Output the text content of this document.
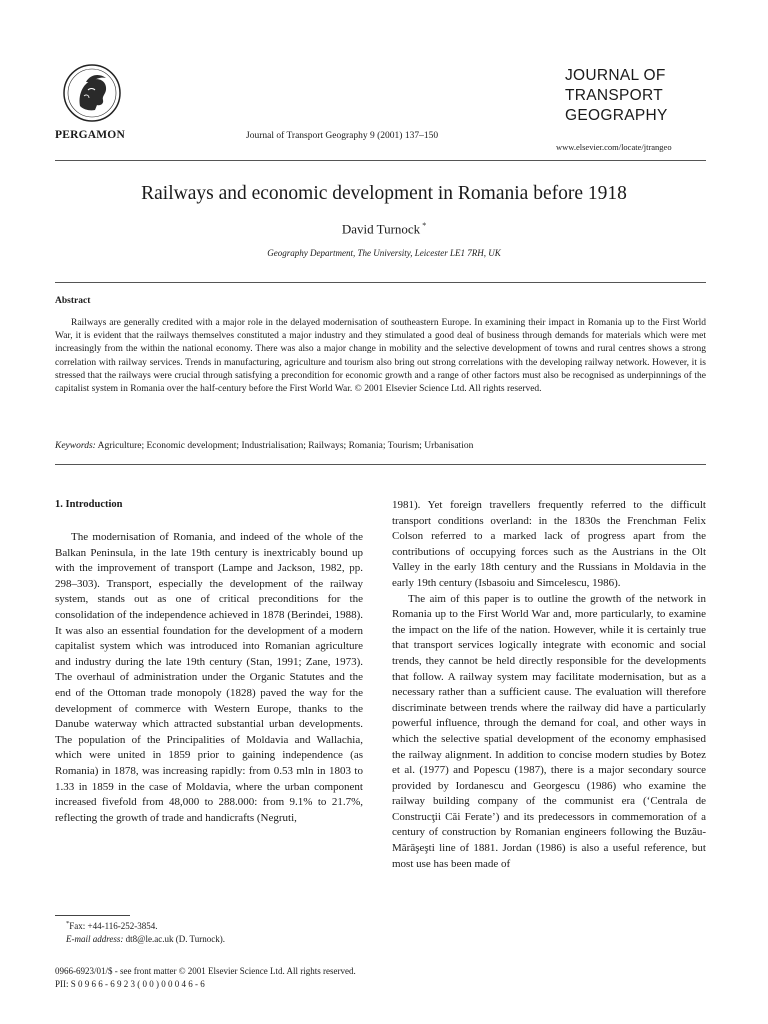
PERGAMON	Journal of Transport Geography 9 (2001) 137–150
JOURNAL OF
TRANSPORT
GEOGRAPHY
www.elsevier.com/locate/jtrangeo
Railways and economic development in Romania before 1918
David Turnock *
Geography Department, The University, Leicester LE1 7RH, UK
Abstract
Railways are generally credited with a major role in the delayed modernisation of southeastern Europe. In examining their impact in Romania up to the First World War, it is evident that the railways themselves constituted a major industry and they stimulated a good deal of business through demands for materials which were met increasingly from the within the national economy. There was also a major change in mobility and the selective development of towns and rural centres shows a strong correlation with railway services. Trends in manufacturing, agriculture and tourism also bring out strong correlations with the developing railway network. However, it is stressed that the railways were crucial through satisfying a precondition for economic growth and a range of other factors must also be recognised as underpinnings of the capitalist system in Romania over the half-century before the First World War. © 2001 Elsevier Science Ltd. All rights reserved.
Keywords: Agriculture; Economic development; Industrialisation; Railways; Romania; Tourism; Urbanisation
1. Introduction
The modernisation of Romania, and indeed of the whole of the Balkan Peninsula, in the late 19th century is inextricably bound up with the improvement of transport (Lampe and Jackson, 1982, pp. 298–303). Transport, especially the development of the railway system, stands out as one of critical preconditions for the consolidation of the independence achieved in 1878 (Berindei, 1988). It was also an essential foundation for the development of a modern capitalist system which was introduced into Romanian agriculture and industry during the late 19th century (Stan, 1991; Zane, 1973). The overhaul of administration under the Organic Statutes and the end of the Ottoman trade monopoly (1828) paved the way for the development of commerce with Western Europe, thanks to the Danube waterway which attracted substantial urban developments. The population of the Principalities of Moldavia and Wallachia, which were united in 1859 prior to gaining independence (as Romania) in 1878, was increasing rapidly: from 0.53 mln in 1803 to 1.33 in 1859 in the case of Moldavia, where the urban component increased fivefold from 48,000 to 288.000: from 9.1% to 21.7%, reflecting the growth of trade and handicrafts (Negruti,

1981). Yet foreign travellers frequently referred to the difficult transport conditions overland: in the 1830s the Frenchman Felix Colson referred to a marked lack of progress apart from the contributions of occupying forces such as the Austrians in the Olt Valley in the early 18th century and the Russians in Moldavia in the early 19th century (Isbasoiu and Simcelescu, 1986).

The aim of this paper is to outline the growth of the network in Romania up to the First World War and, more particularly, to examine the impact on the life of the nation. However, while it is certainly true that transport services logically integrate with economic and social trends, they cannot be held directly responsible for the developments that follow. A railway system may facilitate modernisation, but as a necessary rather than a sufficient cause. The evaluation will therefore discriminate between trends where the railway did have a particularly powerful influence, through the demand for coal, and other ways in which the selective spatial development of the economy emphasised the railway alignment. In addition to concise modern studies by Botez et al. (1977) and Popescu (1987), there is a major secondary source provided by Iordanescu and Georgescu (1986) who examine the railway building company of the communist era (‘Centrala de Construcţii Căi Ferate’) and its predecessors in commemoration of a century of construction by Romanian engineers following the Buzău-Mărăşeşti line of 1881. Jordan (1986) is also a useful reference, but most use has been made of

*Fax: +44-116-252-3854.
E-mail address: dt8@le.ac.uk (D. Turnock).
0966-6923/01/$ - see front matter © 2001 Elsevier Science Ltd. All rights reserved.
PII: S 0 9 6 6 - 6 9 2 3 ( 0 0 ) 0 0 0 4 6 - 6
